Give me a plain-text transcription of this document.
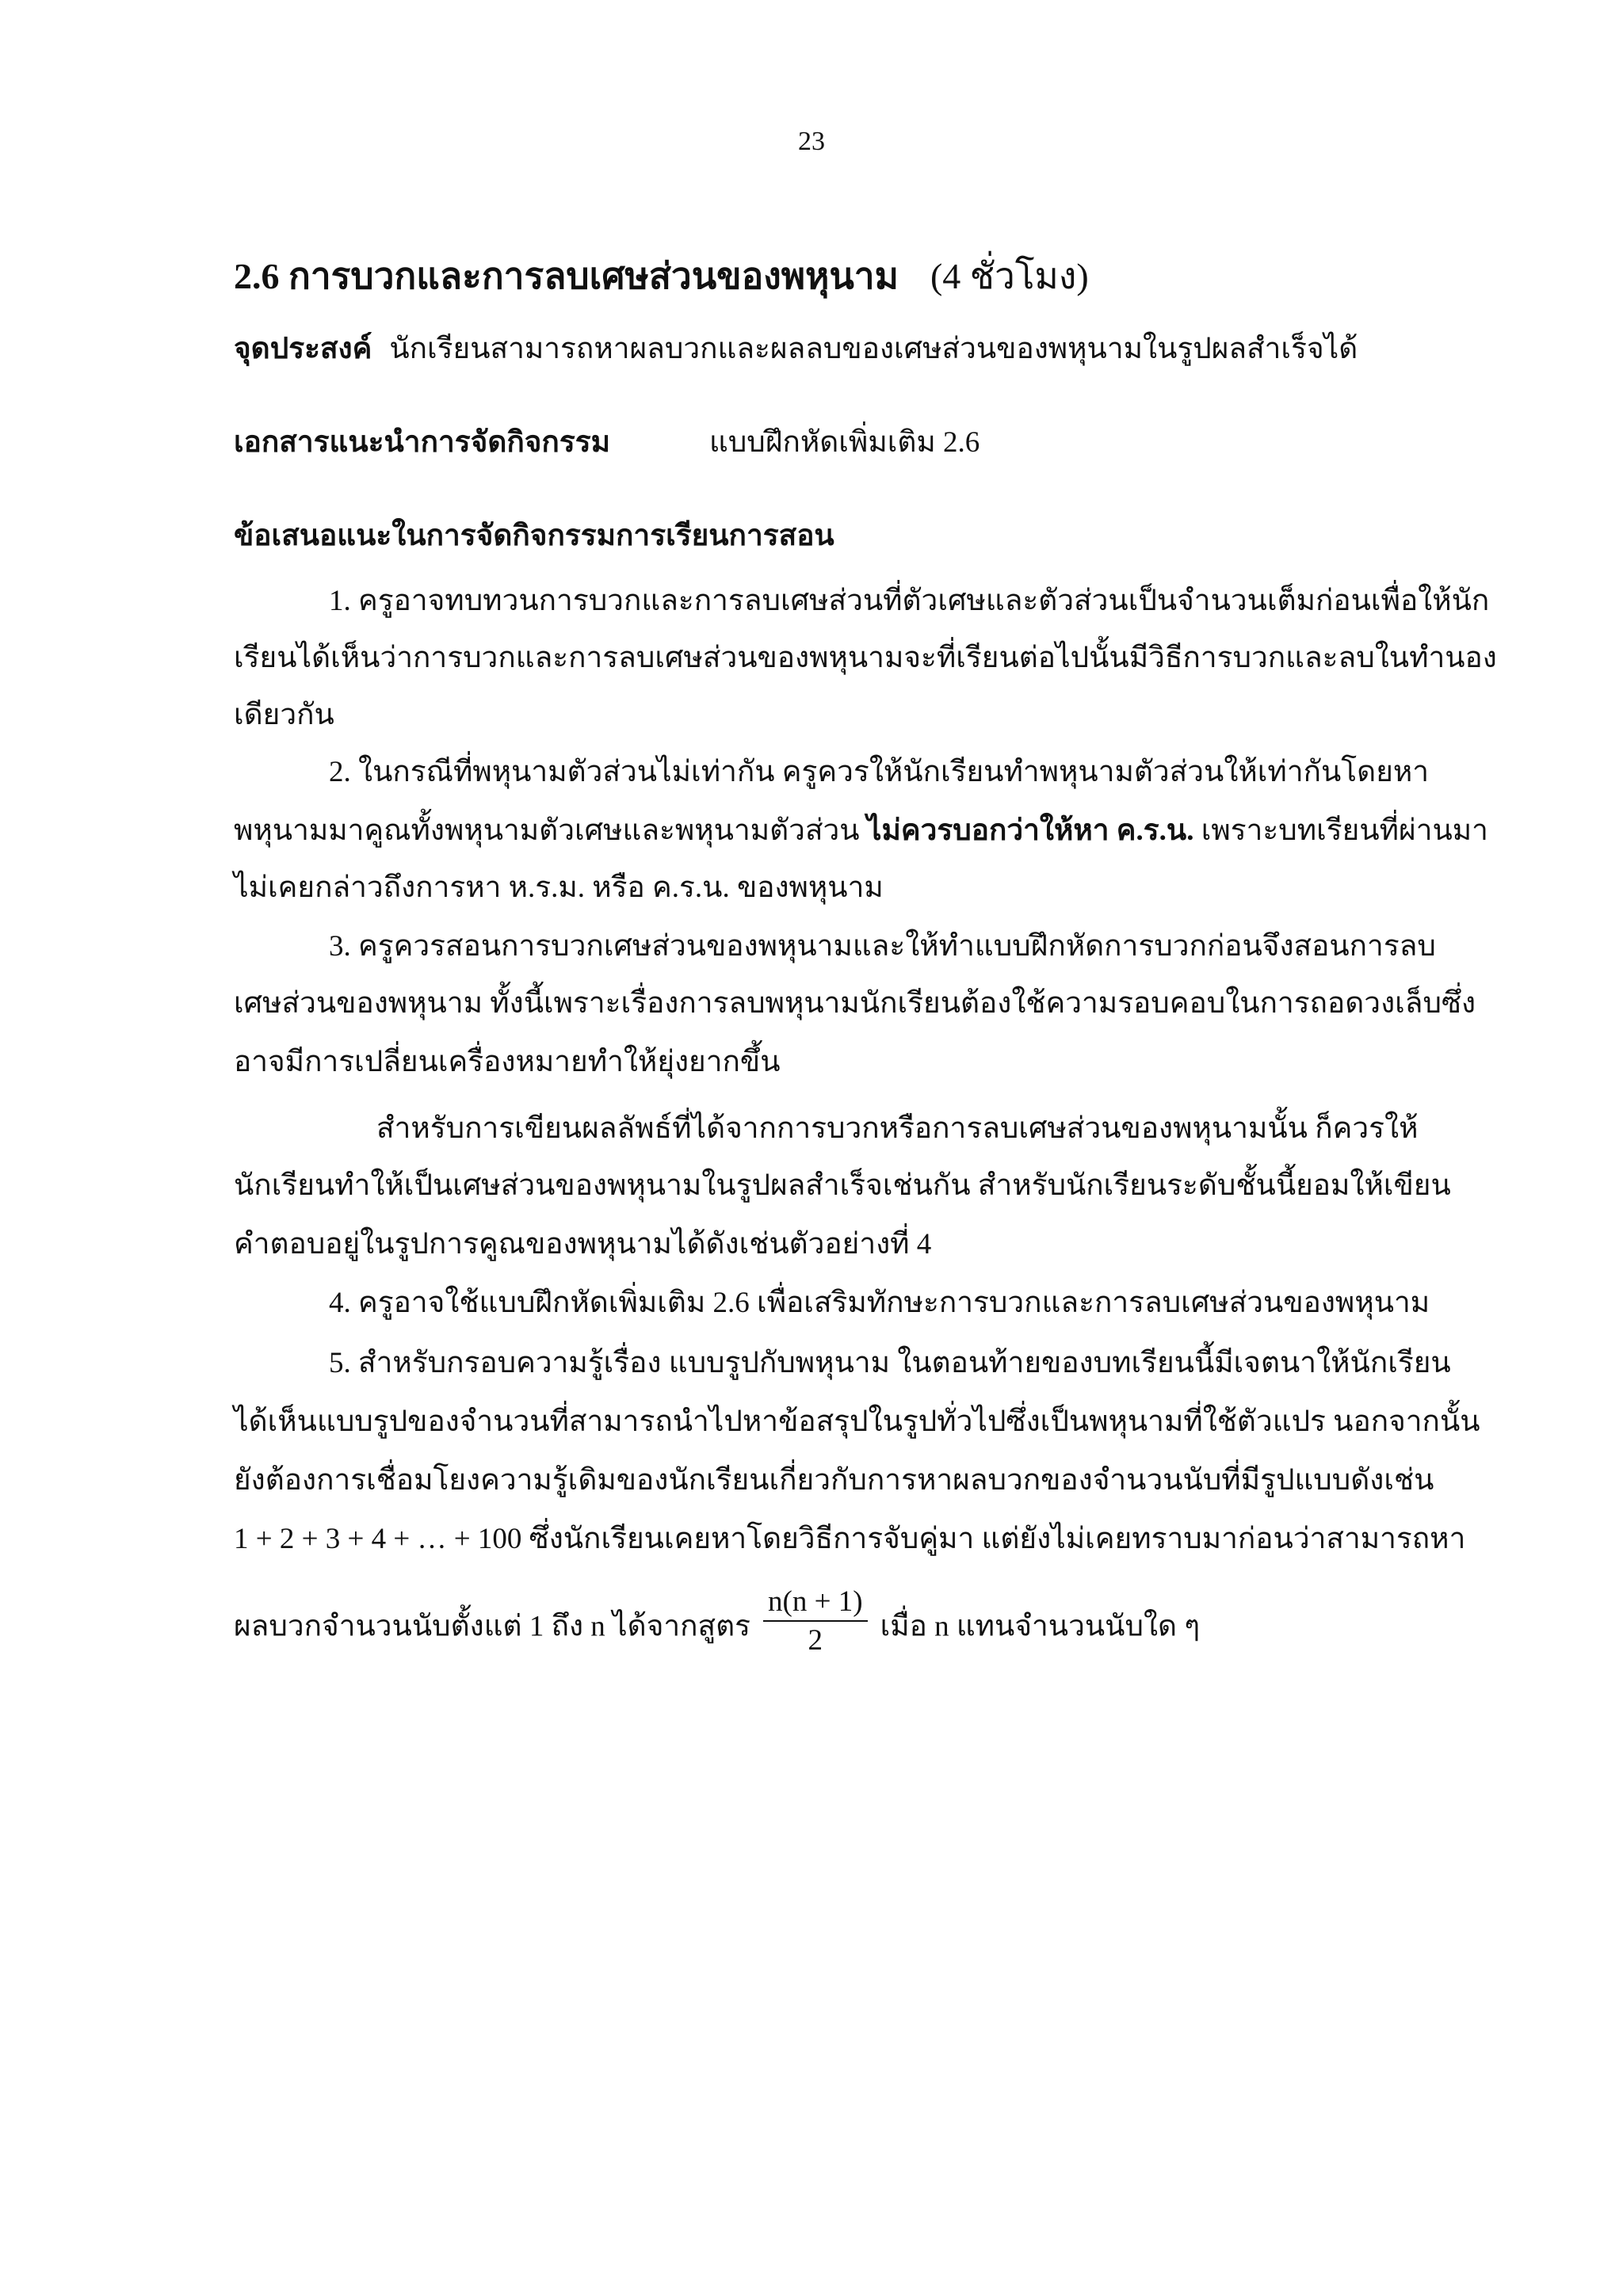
23
2.6 การบวกและการลบเศษส่วนของพหุนาม (4 ชั่วโมง)
จุดประสงค์ นักเรียนสามารถหาผลบวกและผลลบของเศษส่วนของพหุนามในรูปผลสำเร็จได้
เอกสารแนะนำการจัดกิจกรรม	แบบฝึกหัดเพิ่มเติม 2.6
ข้อเสนอแนะในการจัดกิจกรรมการเรียนการสอน
1. ครูอาจทบทวนการบวกและการลบเศษส่วนที่ตัวเศษและตัวส่วนเป็นจำนวนเต็มก่อนเพื่อให้นัก
เรียนได้เห็นว่าการบวกและการลบเศษส่วนของพหุนามจะที่เรียนต่อไปนั้นมีวิธีการบวกและลบในทำนอง
เดียวกัน
2. ในกรณีที่พหุนามตัวส่วนไม่เท่ากัน ครูควรให้นักเรียนทำพหุนามตัวส่วนให้เท่ากันโดยหา
พหุนามมาคูณทั้งพหุนามตัวเศษและพหุนามตัวส่วน ไม่ควรบอกว่าให้หา ค.ร.น. เพราะบทเรียนที่ผ่านมา
ไม่เคยกล่าวถึงการหา ห.ร.ม. หรือ ค.ร.น. ของพหุนาม
3. ครูควรสอนการบวกเศษส่วนของพหุนามและให้ทำแบบฝึกหัดการบวกก่อนจึงสอนการลบ
เศษส่วนของพหุนาม ทั้งนี้เพราะเรื่องการลบพหุนามนักเรียนต้องใช้ความรอบคอบในการถอดวงเล็บซึ่ง
อาจมีการเปลี่ยนเครื่องหมายทำให้ยุ่งยากขึ้น
สำหรับการเขียนผลลัพธ์ที่ได้จากการบวกหรือการลบเศษส่วนของพหุนามนั้น ก็ควรให้
นักเรียนทำให้เป็นเศษส่วนของพหุนามในรูปผลสำเร็จเช่นกัน สำหรับนักเรียนระดับชั้นนี้ยอมให้เขียน
คำตอบอยู่ในรูปการคูณของพหุนามได้ดังเช่นตัวอย่างที่ 4
4. ครูอาจใช้แบบฝึกหัดเพิ่มเติม 2.6 เพื่อเสริมทักษะการบวกและการลบเศษส่วนของพหุนาม
5. สำหรับกรอบความรู้เรื่อง แบบรูปกับพหุนาม ในตอนท้ายของบทเรียนนี้มีเจตนาให้นักเรียน
ได้เห็นแบบรูปของจำนวนที่สามารถนำไปหาข้อสรุปในรูปทั่วไปซึ่งเป็นพหุนามที่ใช้ตัวแปร นอกจากนั้น
ยังต้องการเชื่อมโยงความรู้เดิมของนักเรียนเกี่ยวกับการหาผลบวกของจำนวนนับที่มีรูปแบบดังเช่น
1 + 2 + 3 + 4 + … + 100 ซึ่งนักเรียนเคยหาโดยวิธีการจับคู่มา แต่ยังไม่เคยทราบมาก่อนว่าสามารถหา
ผลบวกจำนวนนับตั้งแต่ 1 ถึง n ได้จากสูตร $\frac{n(n + 1)}{2}$ เมื่อ n แทนจำนวนนับใด ๆ
